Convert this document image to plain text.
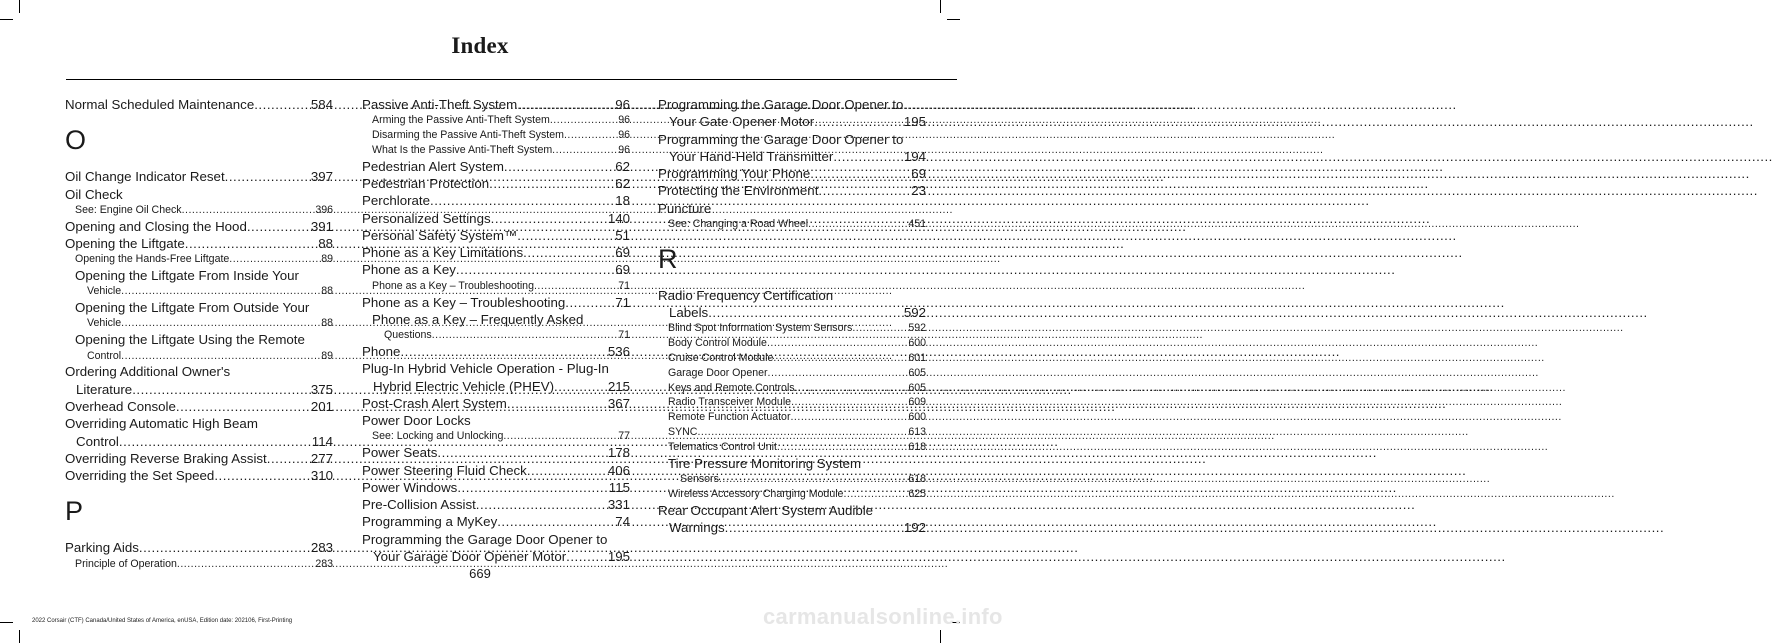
Index
Normal Scheduled Maintenance .....	584
O
Oil Change Indicator Reset .....	397
Oil Check
See: Engine Oil Check .....	396
Opening and Closing the Hood .....	391
Opening the Liftgate .....	88
Opening the Hands-Free Liftgate .....	89
Opening the Liftgate From Inside Your
Vehicle .....	88
Opening the Liftgate From Outside Your
Vehicle .....	88
Opening the Liftgate Using the Remote
Control .....	89
Ordering Additional Owner's
Literature .....	375
Overhead Console .....	201
Overriding Automatic High Beam
Control .....	114
Overriding Reverse Braking Assist .....	277
Overriding the Set Speed .....	310
P
Parking Aids .....	283
Principle of Operation .....	283
Passive Anti-Theft System .....	96
Arming the Passive Anti-Theft System .....	96
Disarming the Passive Anti-Theft System .....	96
What Is the Passive Anti-Theft System .....	96
Pedestrian Alert System .....	62
Pedestrian Protection .....	62
Perchlorate .....	18
Personalized Settings .....	140
Personal Safety System™ .....	51
Phone as a Key Limitations .....	69
Phone as a Key .....	69
Phone as a Key – Troubleshooting .....	71
Phone as a Key – Troubleshooting .....	71
Phone as a Key – Frequently Asked
Questions .....	71
Phone .....	536
Plug-In Hybrid Vehicle Operation - Plug-In
Hybrid Electric Vehicle (PHEV) .....	215
Post-Crash Alert System .....	367
Power Door Locks
See: Locking and Unlocking .....	77
Power Seats .....	178
Power Steering Fluid Check .....	406
Power Windows .....	115
Pre-Collision Assist .....	331
Programming a MyKey .....	74
Programming the Garage Door Opener to
Your Garage Door Opener Motor .....	195
Programming the Garage Door Opener to
Your Gate Opener Motor .....	195
Programming the Garage Door Opener to
Your Hand-Held Transmitter .....	194
Programming Your Phone .....	69
Protecting the Environment .....	23
Puncture
See: Changing a Road Wheel .....	451
R
Radio Frequency Certification
Labels .....	592
Blind Spot Information System Sensors .....	592
Body Control Module .....	600
Cruise Control Module .....	601
Garage Door Opener .....	605
Keys and Remote Controls .....	605
Radio Transceiver Module .....	609
Remote Function Actuator .....	600
SYNC .....	613
Telematics Control Unit .....	618
Tire Pressure Monitoring System
Sensors .....	618
Wireless Accessory Charging Module .....	625
Rear Occupant Alert System Audible
Warnings .....	192
669
2022 Corsair (CTF) Canada/United States of America, enUSA, Edition date: 202106, First-Printing	carmanualsonline.info
